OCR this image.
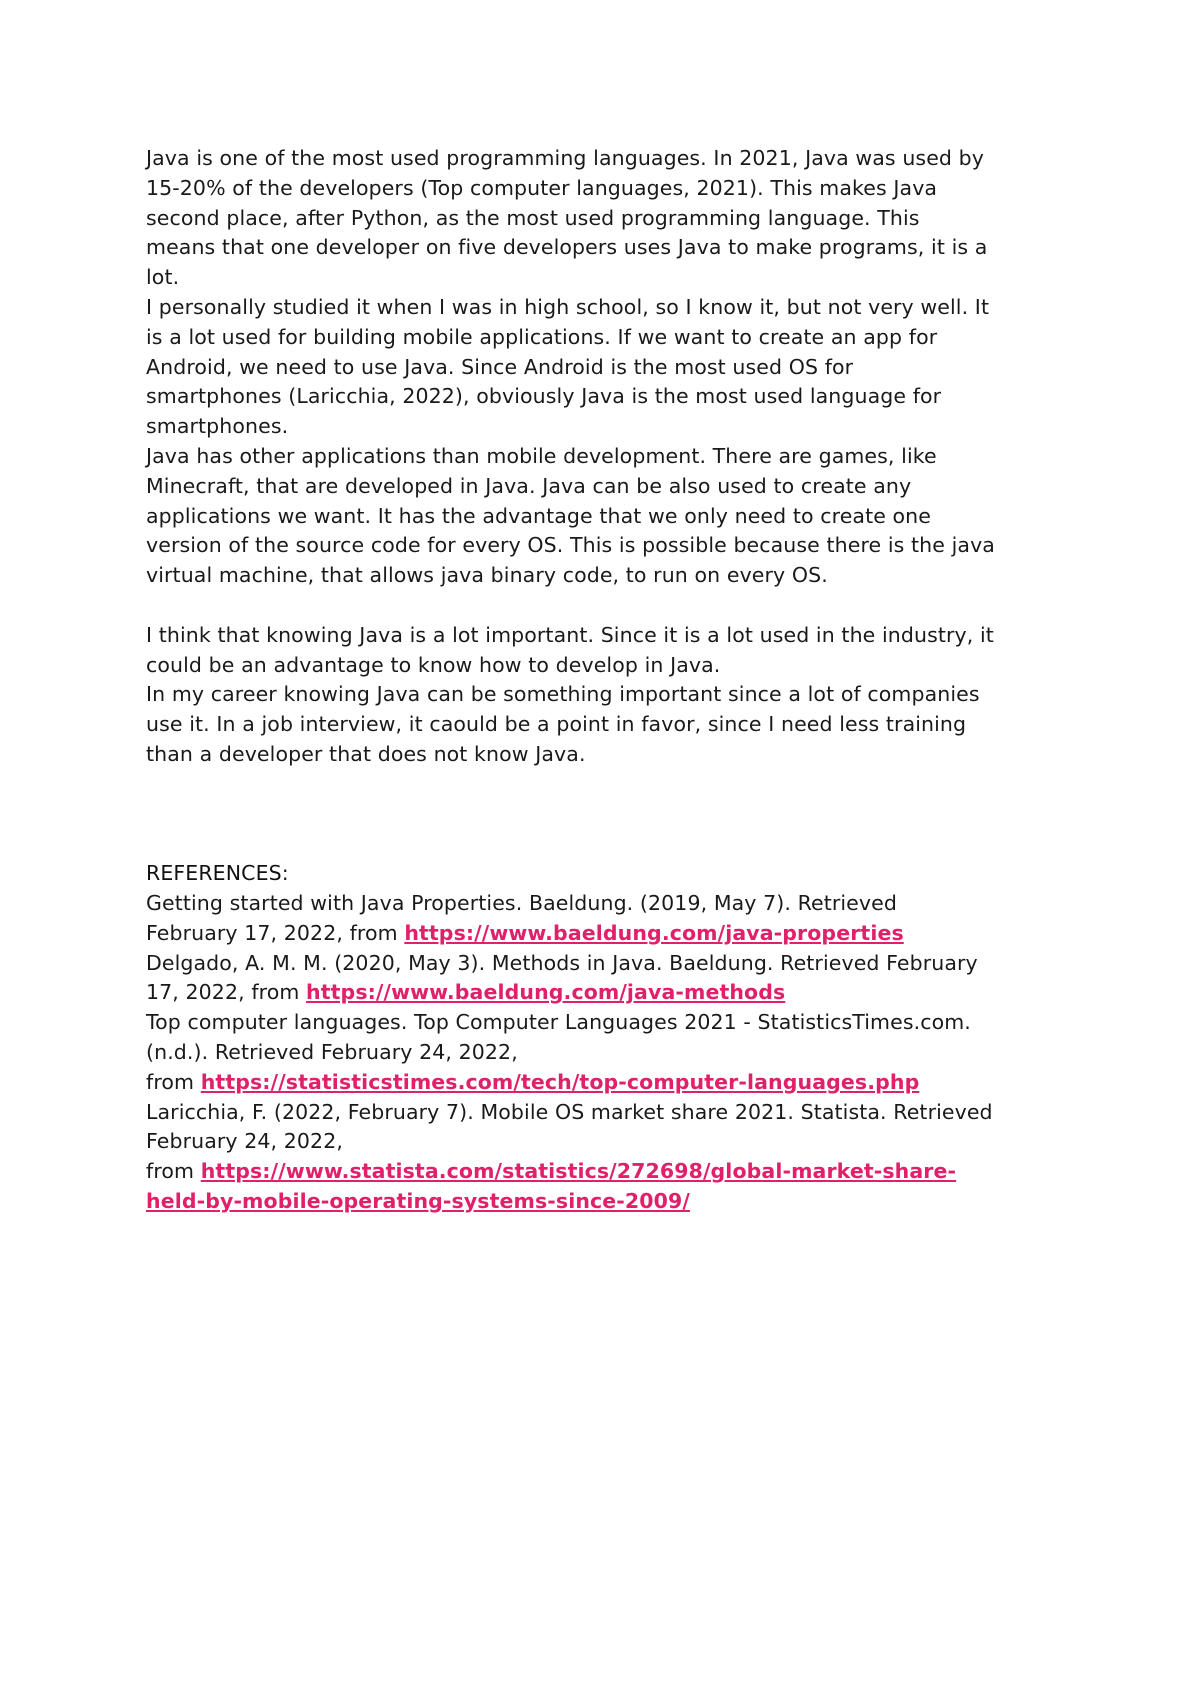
Java is one of the most used programming languages. In 2021, Java was used by
15-20% of the developers (Top computer languages, 2021). This makes Java
second place, after Python, as the most used programming language. This
means that one developer on five developers uses Java to make programs, it is a
lot.
I personally studied it when I was in high school, so I know it, but not very well. It
is a lot used for building mobile applications. If we want to create an app for
Android, we need to use Java. Since Android is the most used OS for
smartphones (Laricchia, 2022), obviously Java is the most used language for
smartphones.
Java has other applications than mobile development. There are games, like
Minecraft, that are developed in Java. Java can be also used to create any
applications we want. It has the advantage that we only need to create one
version of the source code for every OS. This is possible because there is the java
virtual machine, that allows java binary code, to run on every OS.
I think that knowing Java is a lot important. Since it is a lot used in the industry, it
could be an advantage to know how to develop in Java.
In my career knowing Java can be something important since a lot of companies
use it. In a job interview, it caould be a point in favor, since I need less training
than a developer that does not know Java.
REFERENCES:
Getting started with Java Properties. Baeldung. (2019, May 7). Retrieved
February 17, 2022, from https://www.baeldung.com/java-properties
Delgado, A. M. M. (2020, May 3). Methods in Java. Baeldung. Retrieved February
17, 2022, from https://www.baeldung.com/java-methods
Top computer languages. Top Computer Languages 2021 - StatisticsTimes.com.
(n.d.). Retrieved February 24, 2022,
from https://statisticstimes.com/tech/top-computer-languages.php
Laricchia, F. (2022, February 7). Mobile OS market share 2021. Statista. Retrieved
February 24, 2022,
from https://www.statista.com/statistics/272698/global-market-share-
held-by-mobile-operating-systems-since-2009/
